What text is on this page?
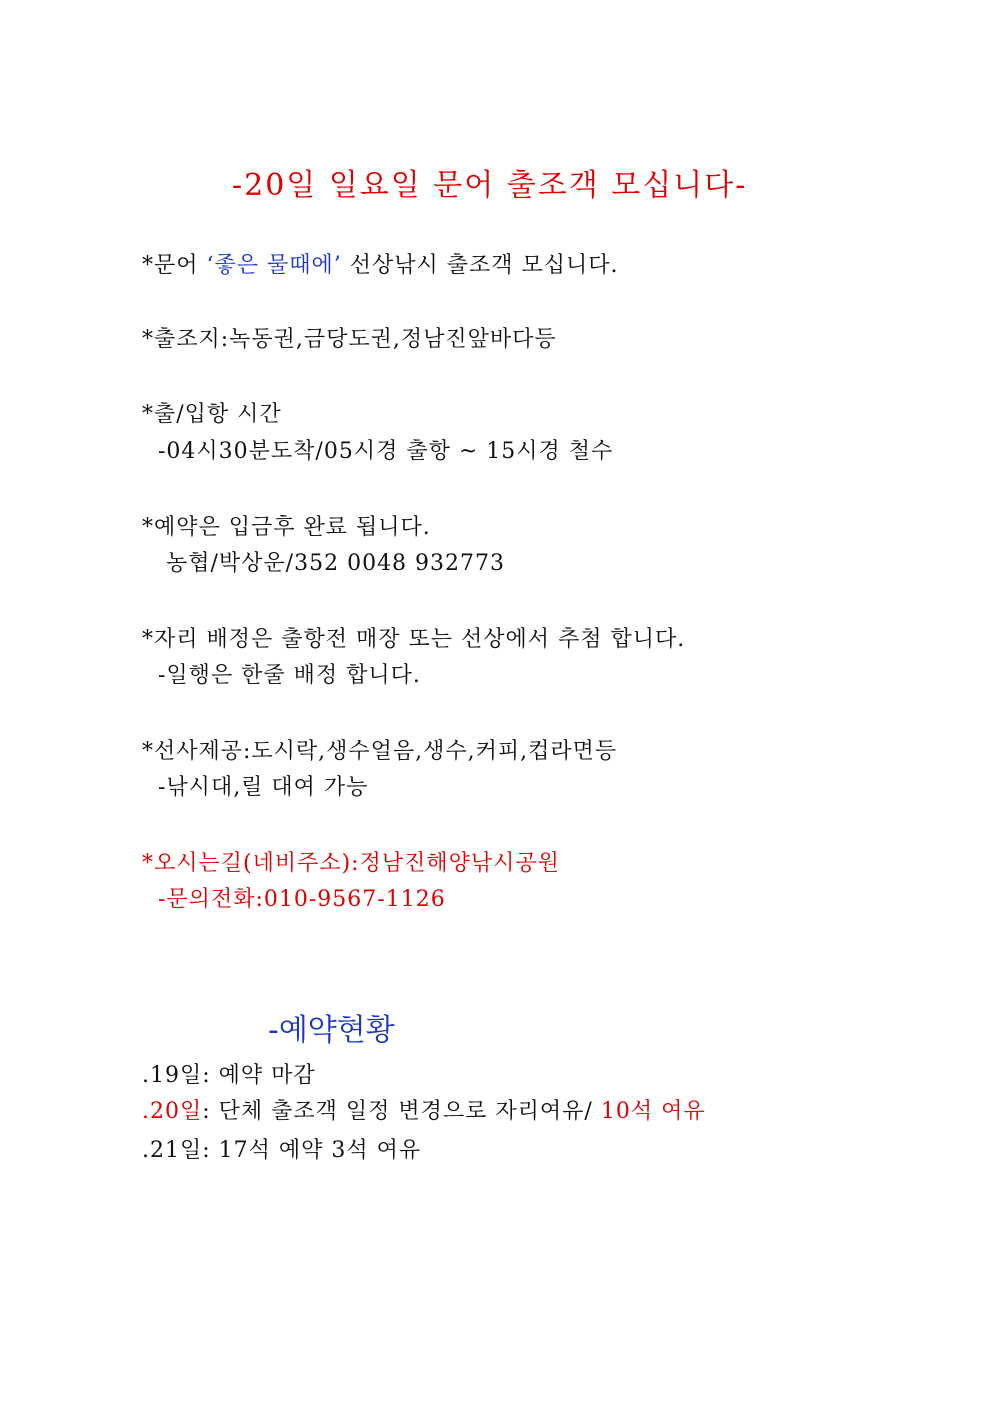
-20일 일요일 문어 출조객 모십니다-
*문어 ‘좋은 물때에’ 선상낚시 출조객 모십니다.
*출조지:녹동권,금당도권,정남진앞바다등
*출/입항 시간
-04시30분도착/05시경 출항 ~ 15시경 철수
*예약은 입금후 완료 됩니다.
농협/박상운/352 0048 932773
*자리 배정은 출항전 매장 또는 선상에서 추첨 합니다.
-일행은 한줄 배정 합니다.
*선사제공:도시락,생수얼음,생수,커피,컵라면등
-낚시대,릴 대여 가능
*오시는길(네비주소):정남진해양낚시공원
-문의전화:010-9567-1126
-예약현황
.19일: 예약 마감
.20일: 단체 출조객 일정 변경으로 자리여유/ 10석 여유
.21일: 17석 예약 3석 여유
